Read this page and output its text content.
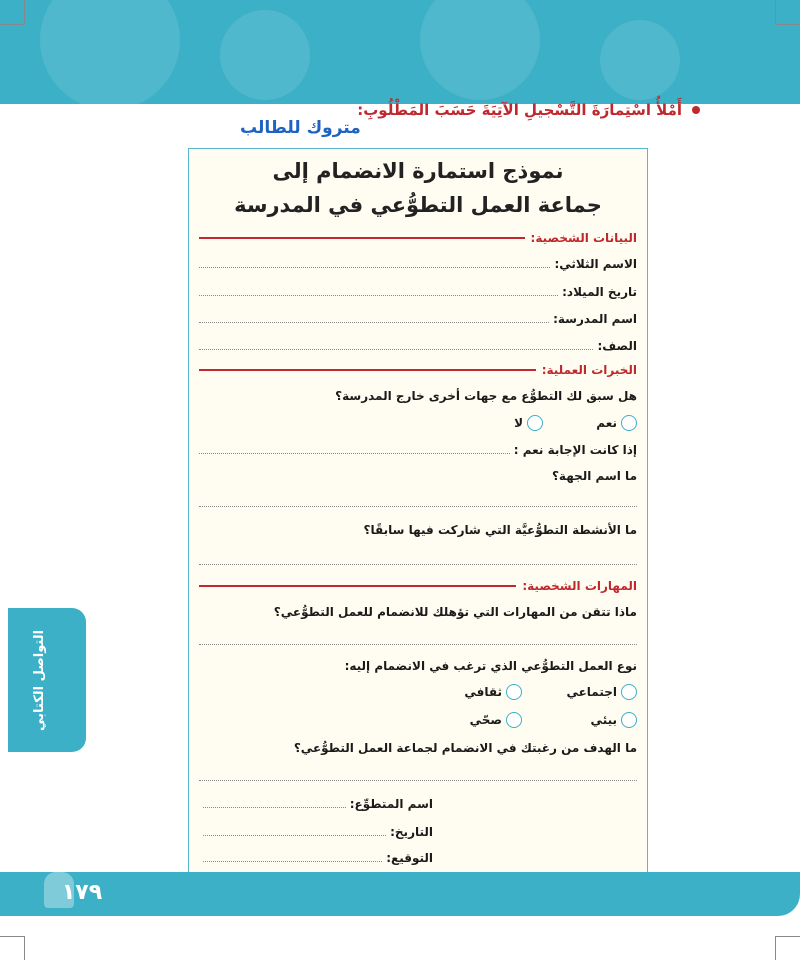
أَمْلأُ اسْتِمارَةَ التَّسْجيلِ الآتِيَةَ حَسَبَ المَطْلُوبِ:
متروك للطالب
نموذج استمارة الانضمام إلى
جماعة العمل التطوُّعي في المدرسة
البيانات الشخصية:
الاسم الثلاثي:
تاريخ الميلاد:
اسم المدرسة:
الصف:
الخبرات العملية:
هل سبق لك التطوُّع مع جهات أخرى خارج المدرسة؟
نعم
لا
إذا كانت الإجابة نعم :
ما اسم الجهة؟
ما الأنشطة التطوُّعيَّة التي شاركت فيها سابقًا؟
المهارات الشخصية:
ماذا تتقن من المهارات التي تؤهلك للانضمام للعمل التطوُّعي؟
نوع العمل التطوُّعي الذي ترغب في الانضمام إليه:
اجتماعي
ثقافي
بيئي
صحّي
ما الهدف من رغبتك في الانضمام لجماعة العمل التطوُّعي؟
اسم المتطوِّع:
التاريخ:
التوقيع:
التواصل الكتابي
١٧٩
